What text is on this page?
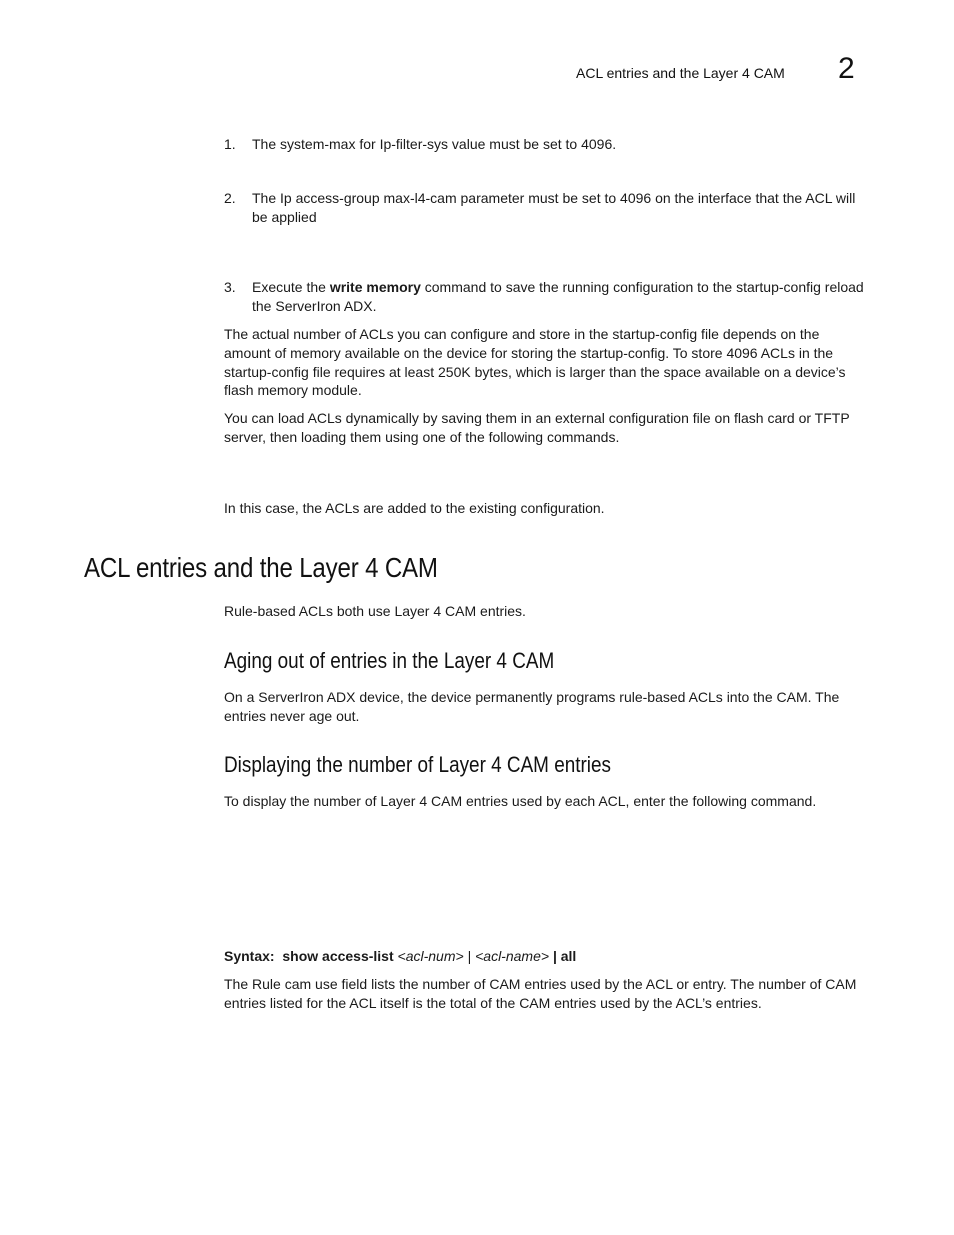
ACL entries and the Layer 4 CAM 2
1.	The system-max for Ip-filter-sys value must be set to 4096.
2.	The Ip access-group max-l4-cam parameter must be set to 4096 on the interface that the ACL will be applied
3.	Execute the write memory command to save the running configuration to the startup-config reload the ServerIron ADX.
The actual number of ACLs you can configure and store in the startup-config file depends on the amount of memory available on the device for storing the startup-config. To store 4096 ACLs in the startup-config file requires at least 250K bytes, which is larger than the space available on a device’s flash memory module.
You can load ACLs dynamically by saving them in an external configuration file on flash card or TFTP server, then loading them using one of the following commands.
In this case, the ACLs are added to the existing configuration.
ACL entries and the Layer 4 CAM
Rule-based ACLs both use Layer 4 CAM entries.
Aging out of entries in the Layer 4 CAM
On a ServerIron ADX device, the device permanently programs rule-based ACLs into the CAM. The entries never age out.
Displaying the number of Layer 4 CAM entries
To display the number of Layer 4 CAM entries used by each ACL, enter the following command.
Syntax: show access-list <acl-num> | <acl-name> | all
The Rule cam use field lists the number of CAM entries used by the ACL or entry. The number of CAM entries listed for the ACL itself is the total of the CAM entries used by the ACL’s entries.
